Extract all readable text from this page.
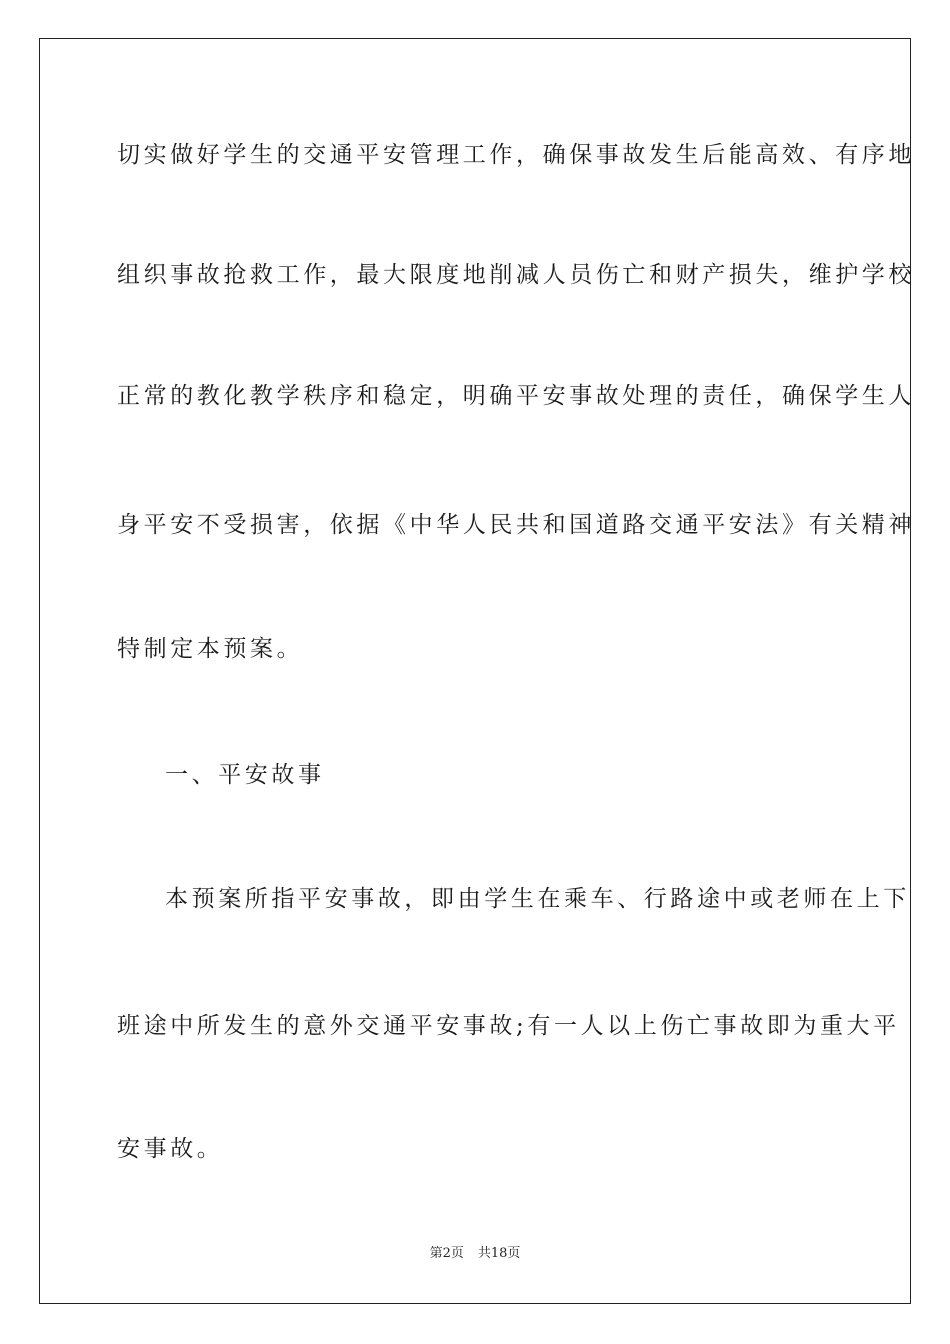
切实做好学生的交通平安管理工作，确保事故发生后能高效、有序地
组织事故抢救工作，最大限度地削减人员伤亡和财产损失，维护学校
正常的教化教学秩序和稳定，明确平安事故处理的责任，确保学生人
身平安不受损害，依据《中华人民共和国道路交通平安法》有关精神
特制定本预案。
一、平安故事
本预案所指平安事故，即由学生在乘车、行路途中或老师在上下
班途中所发生的意外交通平安事故;有一人以上伤亡事故即为重大平
安事故。
第2页 共18页
